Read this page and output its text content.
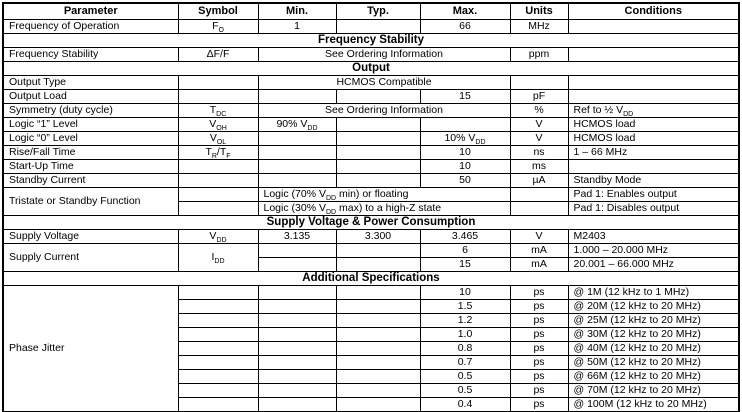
Parameter	Symbol	Min.	Typ.	Max.	Units	Conditions
Frequency of Operation	$F_O$	1		66	MHz	
Frequency Stability						
Frequency Stability	ΔF/F	See Ordering Information			ppm	
Output						
Output Type		HCMOS Compatible				
Output Load				15	pF	
Symmetry (duty cycle)	$T_{DC}$	See Ordering Information			%	Ref to ½ $V_{DD}$
Logic “1” Level	$V_{OH}$	90% $V_{DD}$			V	HCMOS load
Logic “0” Level	$V_{OL}$			10% $V_{DD}$	V	HCMOS load
Rise/Fall Time	$T_R/T_F$			10	ns	1 – 66 MHz
Start-Up Time				10	ms	
Standby Current				50	µA	Standby Mode
Tristate or Standby Function		Logic (70% $V_{DD}$ min) or floating				Pad 1: Enables output
		Logic (30% $V_{DD}$ max) to a high-Z state				Pad 1: Disables output
Supply Voltage & Power Consumption						
Supply Voltage	$V_{DD}$	3.135	3.300	3.465	V	M2403
Supply Current	$I_{DD}$			6	mA	1.000 – 20.000 MHz
				15	mA	20.001 – 66.000 MHz
Additional Specifications						
Phase Jitter				10	ps	@ 1M (12 kHz to 1 MHz)
				1.5	ps	@ 20M (12 kHz to 20 MHz)
				1.2	ps	@ 25M (12 kHz to 20 MHz)
				1.0	ps	@ 30M (12 kHz to 20 MHz)
				0.8	ps	@ 40M (12 kHz to 20 MHz)
				0.7	ps	@ 50M (12 kHz to 20 MHz)
				0.5	ps	@ 66M (12 kHz to 20 MHz)
				0.5	ps	@ 70M (12 kHz to 20 MHz)
				0.4	ps	@ 100M (12 kHz to 20 MHz)
